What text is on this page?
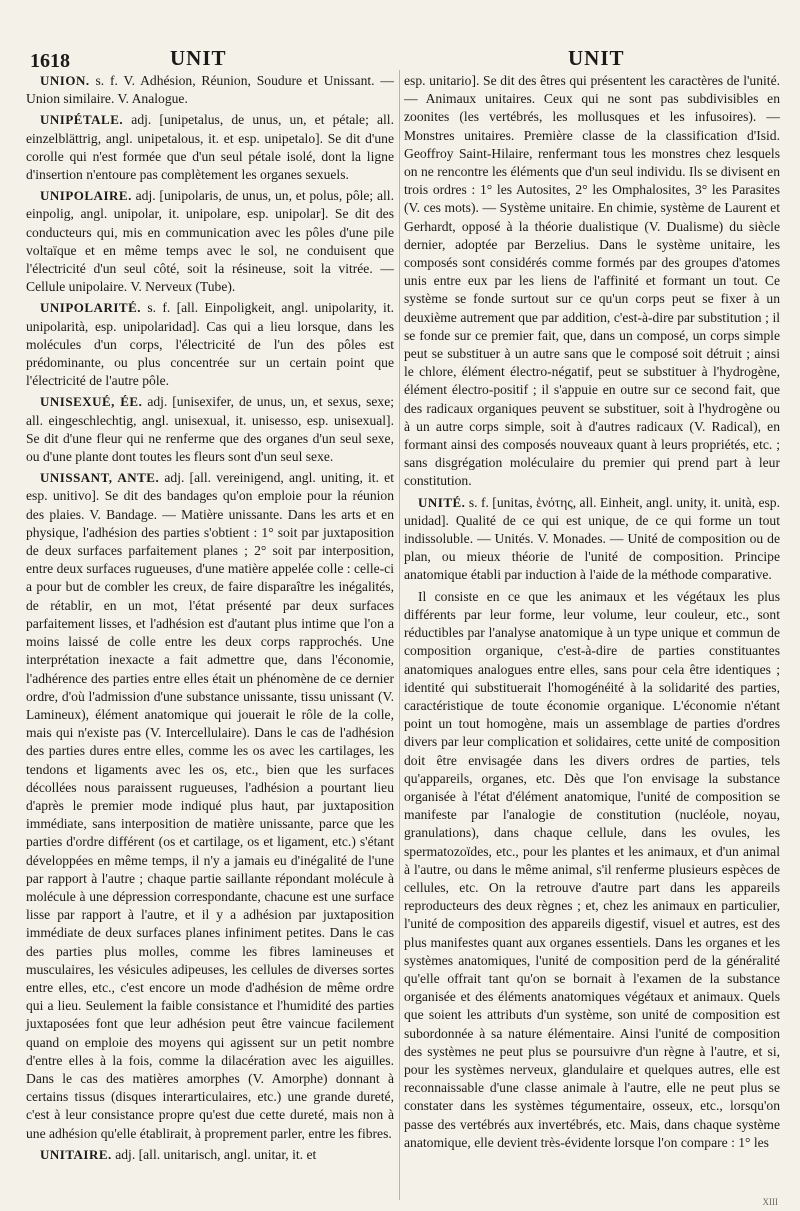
1618	UNIT	UNIT

UNION. s. f. V. Adhésion, Réunion, Soudure et Unissant. — Union similaire. V. Analogue.

UNIPÉTALE. adj. [unipetalus, de unus, un, et pétale; all. einzelblättrig, angl. unipetalous, it. et esp. unipetalo]. Se dit d'une corolle qui n'est formée que d'un seul pétale isolé, dont la ligne d'insertion n'entoure pas complètement les organes sexuels.

UNIPOLAIRE. adj. [unipolaris, de unus, un, et polus, pôle; all. einpolig, angl. unipolar, it. unipolare, esp. unipolar]. Se dit des conducteurs qui, mis en communication avec les pôles d'une pile voltaïque et en même temps avec le sol, ne conduisent que l'électricité d'un seul côté, soit la résineuse, soit la vitrée. — Cellule unipolaire. V. Nerveux (Tube).

UNIPOLARITÉ. s. f. [all. Einpoligkeit, angl. unipolarity, it. unipolarità, esp. unipolaridad]. Cas qui a lieu lorsque, dans les molécules d'un corps, l'électricité de l'un des pôles est prédominante, ou plus concentrée sur un certain point que l'électricité de l'autre pôle.

UNISEXUÉ, ÉE. adj. [unisexifer, de unus, un, et sexus, sexe; all. eingeschlechtig, angl. unisexual, it. unisesso, esp. unisexual]. Se dit d'une fleur qui ne renferme que des organes d'un seul sexe, ou d'une plante dont toutes les fleurs sont d'un seul sexe.

UNISSANT, ANTE. adj. [all. vereinigend, angl. uniting, it. et esp. unitivo]. Se dit des bandages qu'on emploie pour la réunion des plaies. V. Bandage. — Matière unissante. Dans les arts et en physique, l'adhésion des parties s'obtient : 1° soit par juxtaposition de deux surfaces parfaitement planes ; 2° soit par interposition, entre deux surfaces rugueuses, d'une matière appelée colle : celle-ci a pour but de combler les creux, de faire disparaître les inégalités, de rétablir, en un mot, l'état présenté par deux surfaces parfaitement lisses, et l'adhésion est d'autant plus intime que l'on a moins laissé de colle entre les deux corps rapprochés. Une interprétation inexacte a fait admettre que, dans l'économie, l'adhérence des parties entre elles était un phénomène de ce dernier ordre, d'où l'admission d'une substance unissante, tissu unissant (V. Lamineux), élément anatomique qui jouerait le rôle de la colle, mais qui n'existe pas (V. Intercellulaire). Dans le cas de l'adhésion des parties dures entre elles, comme les os avec les cartilages, les tendons et ligaments avec les os, etc., bien que les surfaces décollées nous paraissent rugueuses, l'adhésion a pourtant lieu d'après le premier mode indiqué plus haut, par juxtaposition immédiate, sans interposition de matière unissante, parce que les parties d'ordre différent (os et cartilage, os et ligament, etc.) s'étant développées en même temps, il n'y a jamais eu d'inégalité de l'une par rapport à l'autre ; chaque partie saillante répondant molécule à molécule à une dépression correspondante, chacune est une surface lisse par rapport à l'autre, et il y a adhésion par juxtaposition immédiate de deux surfaces planes infiniment petites. Dans le cas des parties plus molles, comme les fibres lamineuses et musculaires, les vésicules adipeuses, les cellules de diverses sortes entre elles, etc., c'est encore un mode d'adhésion de même ordre qui a lieu. Seulement la faible consistance et l'humidité des parties juxtaposées font que leur adhésion peut être vaincue facilement quand on emploie des moyens qui agissent sur un petit nombre d'entre elles à la fois, comme la dilacération avec les aiguilles. Dans le cas des matières amorphes (V. Amorphe) donnant à certains tissus (disques interarticulaires, etc.) une grande dureté, c'est à leur consistance propre qu'est due cette dureté, mais non à une adhésion qu'elle établirait, à proprement parler, entre les fibres.

UNITAIRE. adj. [all. unitarisch, angl. unitar, it. et

esp. unitario]. Se dit des êtres qui présentent les caractères de l'unité. — Animaux unitaires. Ceux qui ne sont pas subdivisibles en zoonites (les vertébrés, les mollusques et les infusoires). — Monstres unitaires. Première classe de la classification d'Isid. Geoffroy Saint-Hilaire, renfermant tous les monstres chez lesquels on ne rencontre les éléments que d'un seul individu. Ils se divisent en trois ordres : 1° les Autosites, 2° les Omphalosites, 3° les Parasites (V. ces mots). — Système unitaire. En chimie, système de Laurent et Gerhardt, opposé à la théorie dualistique (V. Dualisme) du siècle dernier, adoptée par Berzelius. Dans le système unitaire, les composés sont considérés comme formés par des groupes d'atomes unis entre eux par les liens de l'affinité et formant un tout. Ce système se fonde surtout sur ce qu'un corps peut se fixer à un deuxième autrement que par addition, c'est-à-dire par substitution ; il se fonde sur ce premier fait, que, dans un composé, un corps simple peut se substituer à un autre sans que le composé soit détruit ; ainsi le chlore, élément électro-négatif, peut se substituer à l'hydrogène, élément électro-positif ; il s'appuie en outre sur ce second fait, que des radicaux organiques peuvent se substituer, soit à l'hydrogène ou à un autre corps simple, soit à d'autres radicaux (V. Radical), en formant ainsi des composés nouveaux quant à leurs propriétés, etc. ; sans disgrégation moléculaire du premier qui prend part à leur constitution.

UNITÉ. s. f. [unitas, ἑνότης, all. Einheit, angl. unity, it. unità, esp. unidad]. Qualité de ce qui est unique, de ce qui forme un tout indissoluble. — Unités. V. Monades. — Unité de composition ou de plan, ou mieux théorie de l'unité de composition. Principe anatomique établi par induction à l'aide de la méthode comparative.

Il consiste en ce que les animaux et les végétaux les plus différents par leur forme, leur volume, leur couleur, etc., sont réductibles par l'analyse anatomique à un type unique et commun de composition organique, c'est-à-dire de parties constituantes anatomiques analogues entre elles, sans pour cela être identiques ; identité qui substituerait l'homogénéité à la solidarité des parties, caractéristique de toute économie organique. L'économie n'étant point un tout homogène, mais un assemblage de parties d'ordres divers par leur complication et solidaires, cette unité de composition doit être envisagée dans les divers ordres de parties, tels qu'appareils, organes, etc. Dès que l'on envisage la substance organisée à l'état d'élément anatomique, l'unité de composition se manifeste par l'analogie de constitution (nucléole, noyau, granulations), dans chaque cellule, dans les ovules, les spermatozoïdes, etc., pour les plantes et les animaux, et d'un animal à l'autre, ou dans le même animal, s'il renferme plusieurs espèces de cellules, etc. On la retrouve d'autre part dans les appareils reproducteurs des deux règnes ; et, chez les animaux en particulier, l'unité de composition des appareils digestif, visuel et autres, est des plus manifestes quant aux organes essentiels. Dans les organes et les systèmes anatomiques, l'unité de composition perd de la généralité qu'elle offrait tant qu'on se bornait à l'examen de la substance organisée et des éléments anatomiques végétaux et animaux. Quels que soient les attributs d'un système, son unité de composition est subordonnée à sa nature élémentaire. Ainsi l'unité de composition des systèmes ne peut plus se poursuivre d'un règne à l'autre, et si, pour les systèmes nerveux, glandulaire et quelques autres, elle est reconnaissable d'une classe animale à l'autre, elle ne peut plus se constater dans les systèmes tégumentaire, osseux, etc., lorsqu'on passe des vertébrés aux invertébrés, etc. Mais, dans chaque système anatomique, elle devient très-évidente lorsque l'on compare : 1° les

XIII
